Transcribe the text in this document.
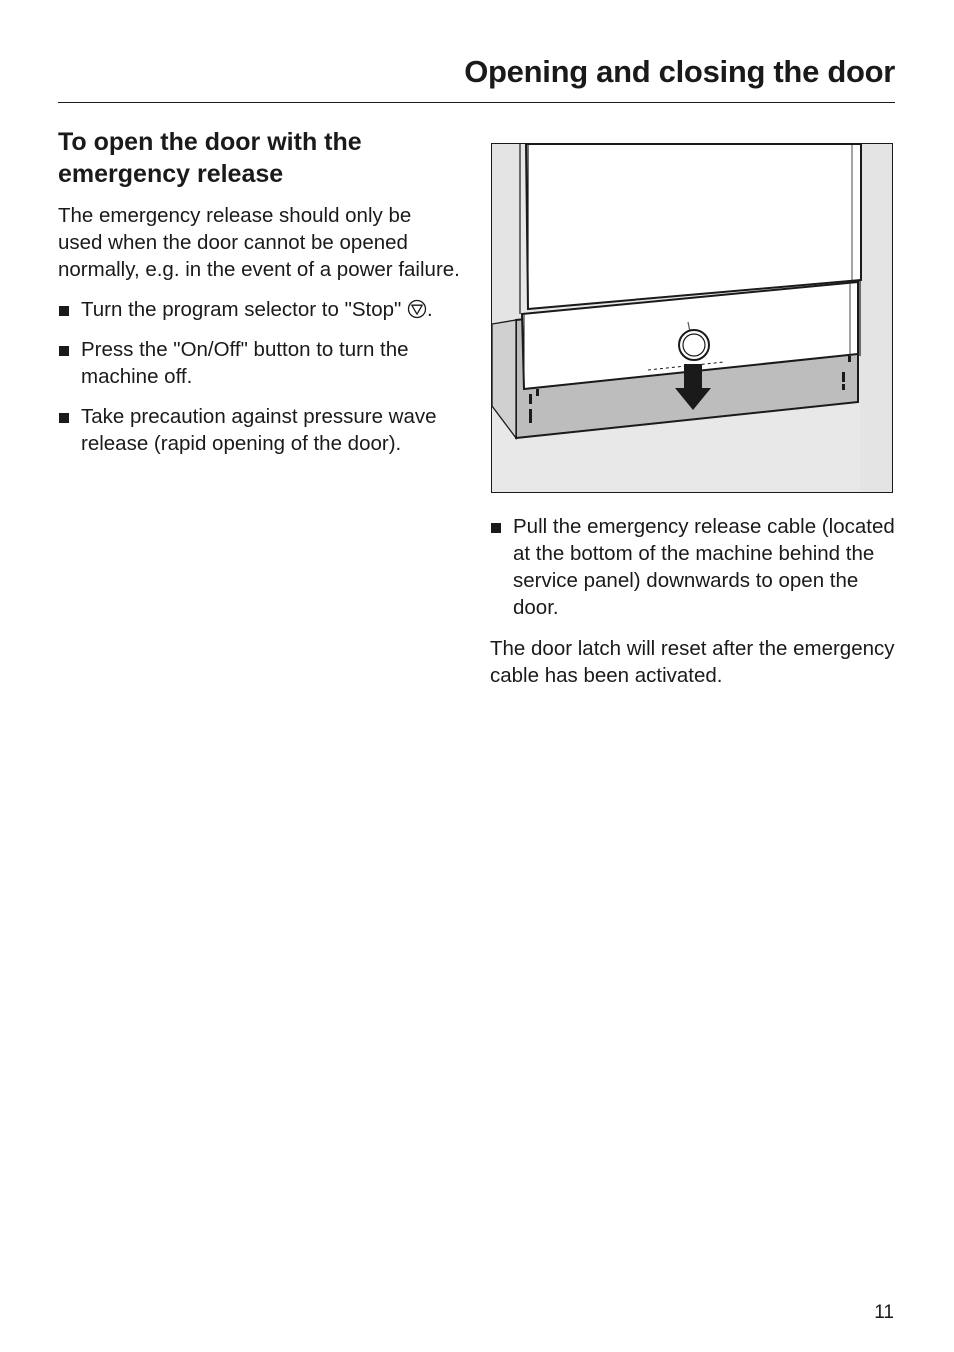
Opening and closing the door
To open the door with the
emergency release

The emergency release should only be used when the door cannot be opened normally, e.g. in the event of a power failure.

Turn the program selector to "Stop" .
Press the "On/Off" button to turn the machine off.
Take precaution against pressure wave release (rapid opening of the door).
Pull the emergency release cable (located at the bottom of the machine behind the service panel) downwards to open the door.

The door latch will reset after the emergency cable has been activated.

11
